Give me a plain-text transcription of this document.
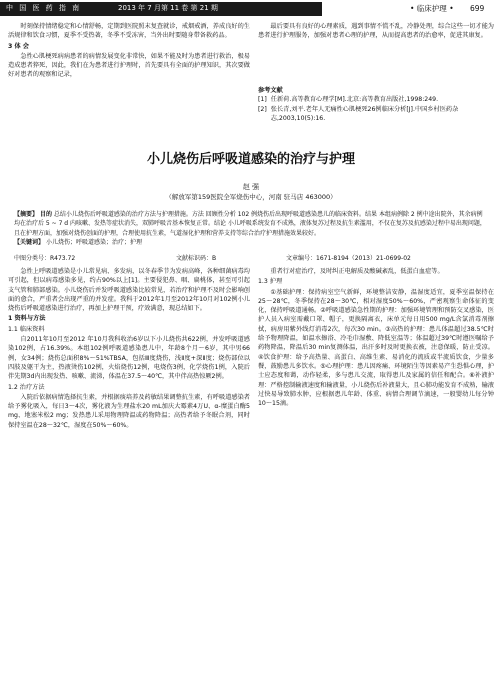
中 国 医 药 指 南	2013 年 7 月第 11 卷 第 21 期	• 临床护理 • 699

时刻保持情绪稳定和心情舒畅，定期到医院照末复查就诊，戒烟戒酒，养成良好的生活规律和饮食习惯，夏季不受热著，冬季不受冻害，当外出时要随身带备救药品。

3 体 会

急性心肌梗死病病患者的病情发展变化非常快，如果不能及时为患者进行救治，极易造成患者猝死，因此，我们在为患者进行护理时，首先要具有全面的护理知识，其次要做好对患者的观察和记录，

最后要具有良好的心理素质，遇到事情不慌不乱，冷静处理，综合这些一切才能为患者进行护理服务，加强对患者心理的护理，从而提高患者的治愈率，促进其康复。

参考文献
[1] 任新荷.高等教育心理学[M].北京:高等教育出版社,1998:249.
[2] 张长青,刘平.老年人无痛性心肌梗死26例临床分析[J].中国乡村医药杂志,2003,10(5):16.
小儿烧伤后呼吸道感染的治疗与护理
赵 强
（解放军第159医院全军烧伤中心，河南 驻马店 463000）
【摘要】 目的 总结小儿烧伤后呼吸道感染的治疗方法与护理措施。方法 回顾性分析 102 例烧伤后出现呼吸道感染患儿的临床资料。结果 本组病例除 2 例中途出院外，其余病例均在治疗后 5 ~ 7 d 内咳嗽、发热等症状消失，双肺呼吸音基本恢复正常。结论 小儿呼吸系统发育不成熟，液体复苏过程及抗生素滥用，不仅在复苏及抗感染过程中易出现问题，且在护理方面，加强对烧伤创面的护理，合理使用抗生素，气道湿化护理和营养支持等综合治疗护理措施效果较好。
【关键词】 小儿烧伤；呼吸道感染；治疗；护理
中图分类号：R473.72	文献标识码：B	文章编号：1671-8194（2013）21-0699-02

急性上呼吸道感染是小儿常见病、多发病，以冬春季节为发病高峰，各种细菌病毒均可引起，但以病毒感染多见，约占90%以上[1]。主要侵犯鼻、咽、扁桃体，甚至可引起支气管和肺部感染。小儿烧伤后并发呼吸道感染比较常见，若治疗和护理不及时会影响创面的愈合，严重者会出现严重的并发症。我科于2012年1月至2012年10月对102例小儿烧伤后呼吸道感染进行治疗，再加上护理干预，疗效满意，现总结如下。

1 资料与方法

1.1 临床资料

自2011年10月至2012 年10月我科收治6岁以下小儿烧伤共622例，并发呼吸道感染102例，占16.39%。本组102例呼吸道感染患儿中，年龄8个月～6岁，其中男66例，女34例；烧伤总面积8%～51%TBSA，包括Ⅲ度烧伤，浅Ⅱ度+深Ⅱ度；烧伤部位以四肢及躯干为主，热液烫伤102例，火焰烧伤12例，电烧伤3例，化学烧伤1例，入院后伴先期3d内出现发热、咳嗽、流涕，体温在37.5～40℃，其中伴高热惊厥2例。

1.2 治疗方法

入院后依据病情选择抗生素，并根据痰培养及药敏结果调整抗生素，有呼吸道感染者给予雾化吸入，每日3～4次，雾化液为生理盐水20 mL加庆大霉素4万U、α-糜蛋白酶5 mg、地塞米松2 mg；发热患儿采用物理降温或药物降温；高热者给予冬眠合剂，同时保持室温在28～32℃，湿度在50%～60%。

重者行对症治疗，及时纠正电解质及酸碱紊乱，低蛋白血症等。

1.3 护理

①基础护理：保持病室空气新鲜，环境整洁安静，温湿度适宜，夏季室温保持在25～28℃，冬季保持在28～30℃，相对湿度50%～60%，严密观察生命体征的变化，保持呼吸道通畅。②呼吸道感染急性期的护理：加强环境管理和预防交叉感染，医护人员入病室需戴口罩、帽子，更换隔离衣，床单元每日用500 mg/L含氯消毒剂擦拭，病房用紫外线灯消毒2次，每次30 min。③高热的护理：患儿体温超过38.5℃时给予物理降温，如温水擦浴、冷毛巾湿敷、降低室温等；体温超过39℃时遵医嘱给予药物降温，降温后30 min复测体温，出汗多时及时更换衣被，注意保暖，防止受凉。④饮食护理：给予高热量、高蛋白、高维生素、易消化的流质或半流质饮食，少量多餐，鼓励患儿多饮水。⑤心理护理：患儿因疼痛、环境陌生等因素易产生恐惧心理，护士应态度和蔼，动作轻柔，多与患儿交流，取得患儿及家属的信任和配合。⑥补液护理：严格控制输液速度和输液量，小儿烧伤后补液量大，且心肺功能发育不成熟，输液过快易导致肺水肿，应根据患儿年龄、体重、病情合理调节滴速，一般婴幼儿每分钟10～15滴。
